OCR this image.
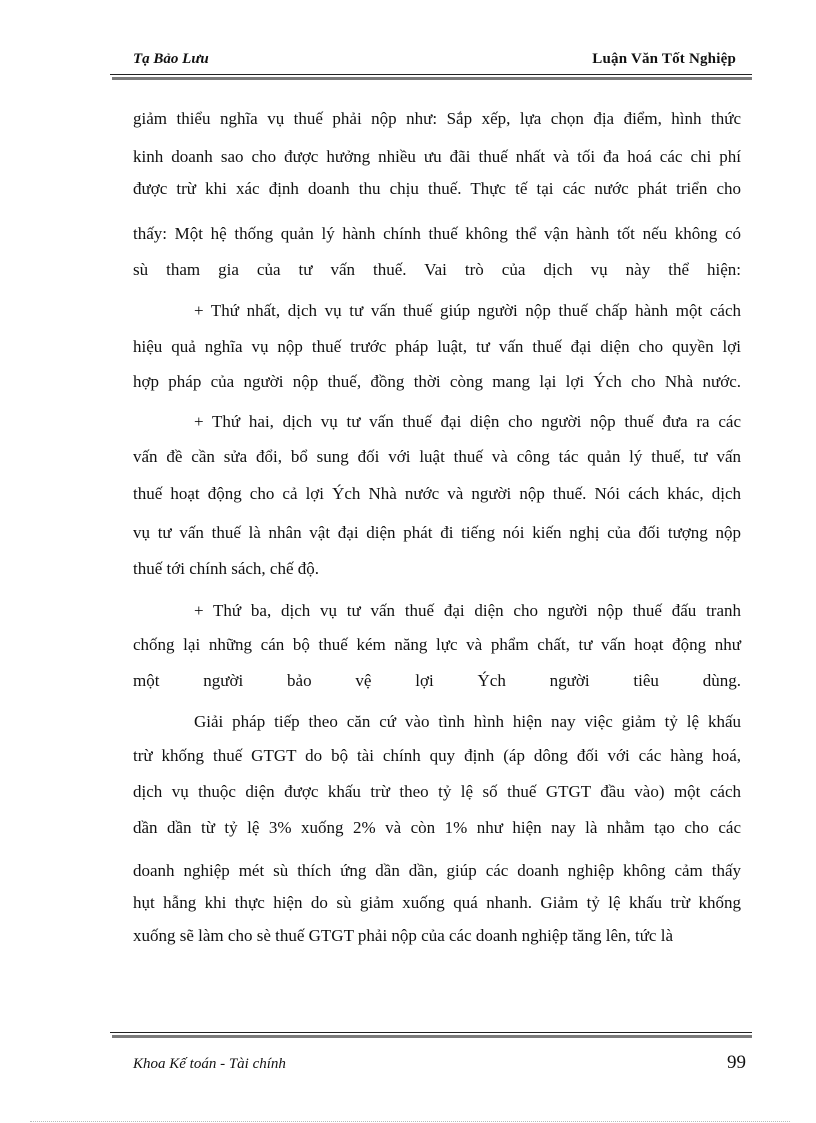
Tạ Bảo Lưu	Luận Văn Tốt Nghiệp
giảm thiểu nghĩa vụ thuế phải nộp như: Sắp xếp, lựa chọn địa điểm, hình thức
kinh doanh sao cho được hưởng nhiều ưu đãi thuế nhất và tối đa hoá các chi phí
được trừ khi xác định doanh thu chịu thuế. Thực tế tại các nước phát triển cho
thấy: Một hệ thống quản lý hành chính thuế không thể vận hành tốt nếu không có
sù tham gia của tư vấn thuế. Vai trò của dịch vụ này thể hiện:
+ Thứ nhất, dịch vụ tư vấn thuế giúp người nộp thuế chấp hành một cách
hiệu quả nghĩa vụ nộp thuế trước pháp luật, tư vấn thuế đại diện cho quyền lợi
hợp pháp của người nộp thuế, đồng thời còng mang lại lợi Ých cho Nhà nước.
+ Thứ hai, dịch vụ tư vấn thuế đại diện cho người nộp thuế đưa ra các
vấn đề cần sửa đổi, bổ sung đối với luật thuế và công tác quản lý thuế, tư vấn
thuế hoạt động cho cả lợi Ých Nhà nước và người nộp thuế. Nói cách khác, dịch
vụ tư vấn thuế là nhân vật đại diện phát đi tiếng nói kiến nghị của đối tượng nộp
thuế tới chính sách, chế độ.
+ Thứ ba, dịch vụ tư vấn thuế đại diện cho người nộp thuế đấu tranh
chống lại những cán bộ thuế kém năng lực và phẩm chất, tư vấn hoạt động như
một người bảo vệ lợi Ých người tiêu dùng.
Giải pháp tiếp theo căn cứ vào tình hình hiện nay việc giảm tỷ lệ khấu
trừ khống thuế GTGT do bộ tài chính quy định (áp dông đối với các hàng hoá,
dịch vụ thuộc diện được khấu trừ theo tỷ lệ số thuế GTGT đầu vào) một cách
dần dần từ tỷ lệ 3% xuống 2% và còn 1% như hiện nay là nhằm tạo cho các
doanh nghiệp mét sù thích ứng dần dần, giúp các doanh nghiệp không cảm thấy
hụt hẫng khi thực hiện do sù giảm xuống quá nhanh. Giảm tỷ lệ khấu trừ khống
xuống sẽ làm cho sè thuế GTGT phải nộp của các doanh nghiệp tăng lên, tức là
Khoa Kế toán - Tài chính	99
